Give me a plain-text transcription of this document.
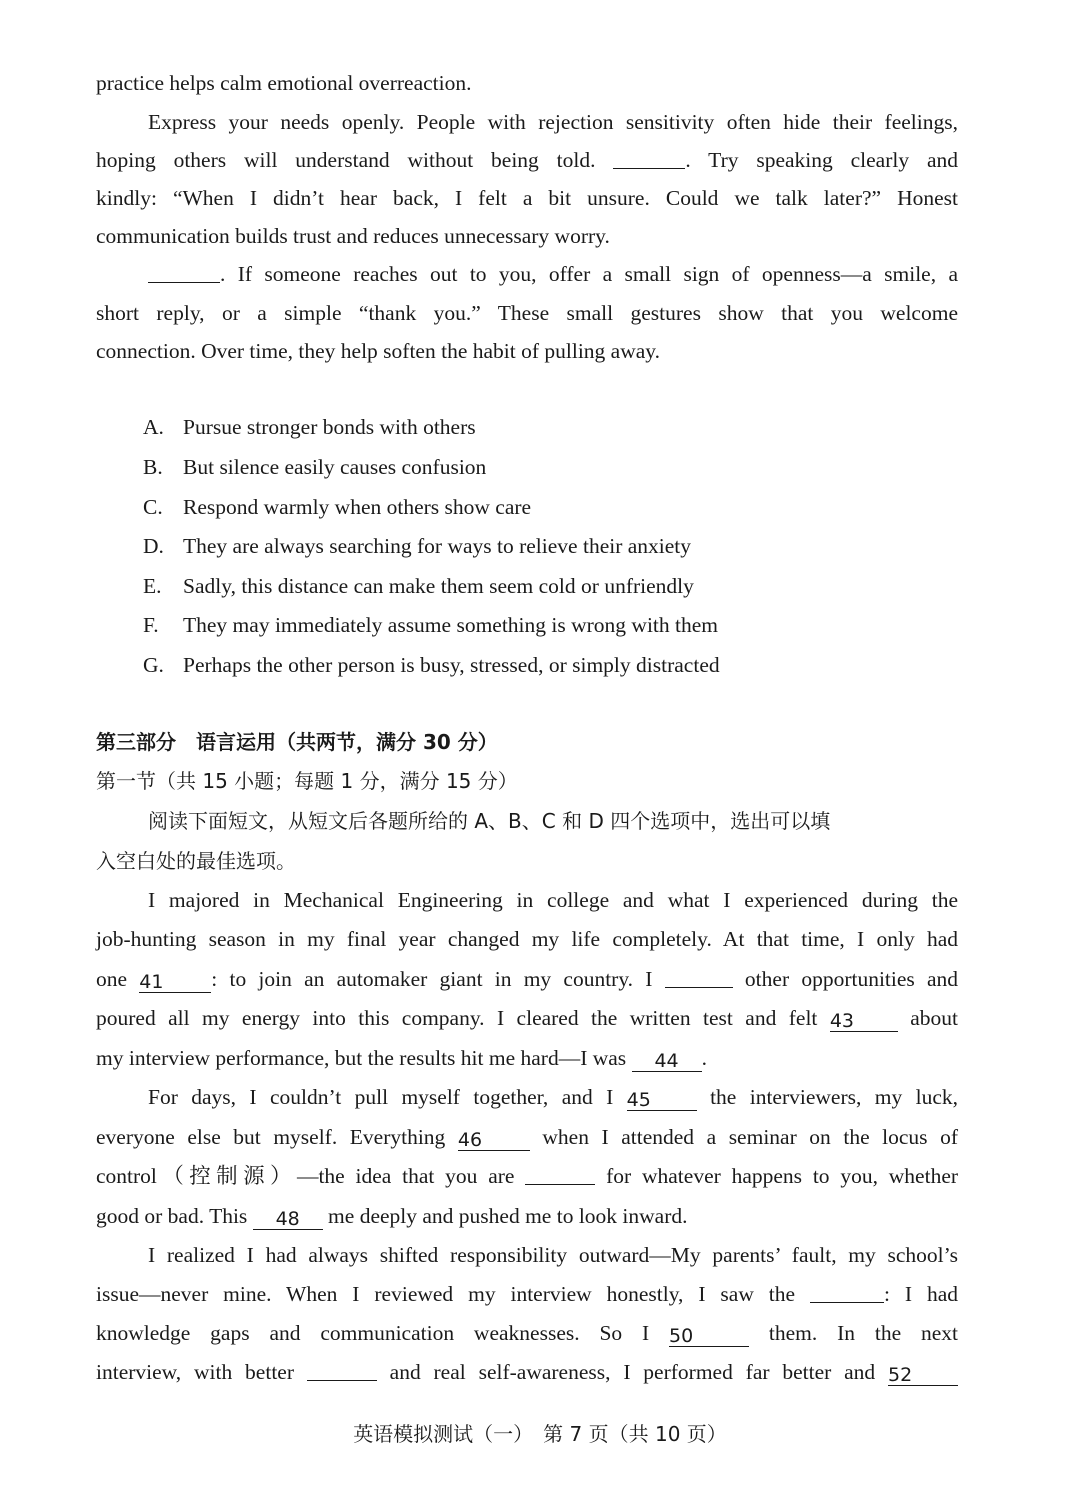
practice helps calm emotional overreaction.
Express your needs openly. People with rejection sensitivity often hide their feelings,
hoping others will understand without being told.	. Try speaking clearly and
kindly: “When I didn’t hear back, I felt a bit unsure. Could we talk later?” Honest
communication builds trust and reduces unnecessary worry.
. If someone reaches out to you, offer a small sign of openness—a smile, a
short reply, or a simple “thank you.” These small gestures show that you welcome
connection. Over time, they help soften the habit of pulling away.
A. Pursue stronger bonds with others
B. But silence easily causes confusion
C. Respond warmly when others show care
D. They are always searching for ways to relieve their anxiety
E. Sadly, this distance can make them seem cold or unfriendly
F. They may immediately assume something is wrong with them
G. Perhaps the other person is busy, stressed, or simply distracted
第三部分　语言运用（共两节，满分 30 分）
第一节（共 15 小题；每题 1 分，满分 15 分）
阅读下面短文，从短文后各题所给的 A、B、C 和 D 四个选项中，选出可以填
入空白处的最佳选项。
I majored in Mechanical Engineering in college and what I experienced during the
job-hunting season in my final year changed my life completely. At that time, I only had
one 41 : to join an automaker giant in my country. I	other opportunities and
poured all my energy into this company. I cleared the written test and felt 43	about
my interview performance, but the results hit me hard—I was 44 .
For days, I couldn’t pull myself together, and I 45	the interviewers, my luck,
everyone else but myself. Everything 46	when I attended a seminar on the locus of
control（控制源）—the idea that you are	for whatever happens to you, whether
good or bad. This 48 me deeply and pushed me to look inward.
I realized I had always shifted responsibility outward—My parents’ fault, my school’s
issue—never mine. When I reviewed my interview honestly, I saw the	: I had
knowledge gaps and communication weaknesses. So I 50	them. In the next
interview, with better	and real self-awareness, I performed far better and 52
英语模拟测试（一）　第 7 页（共 10 页）
